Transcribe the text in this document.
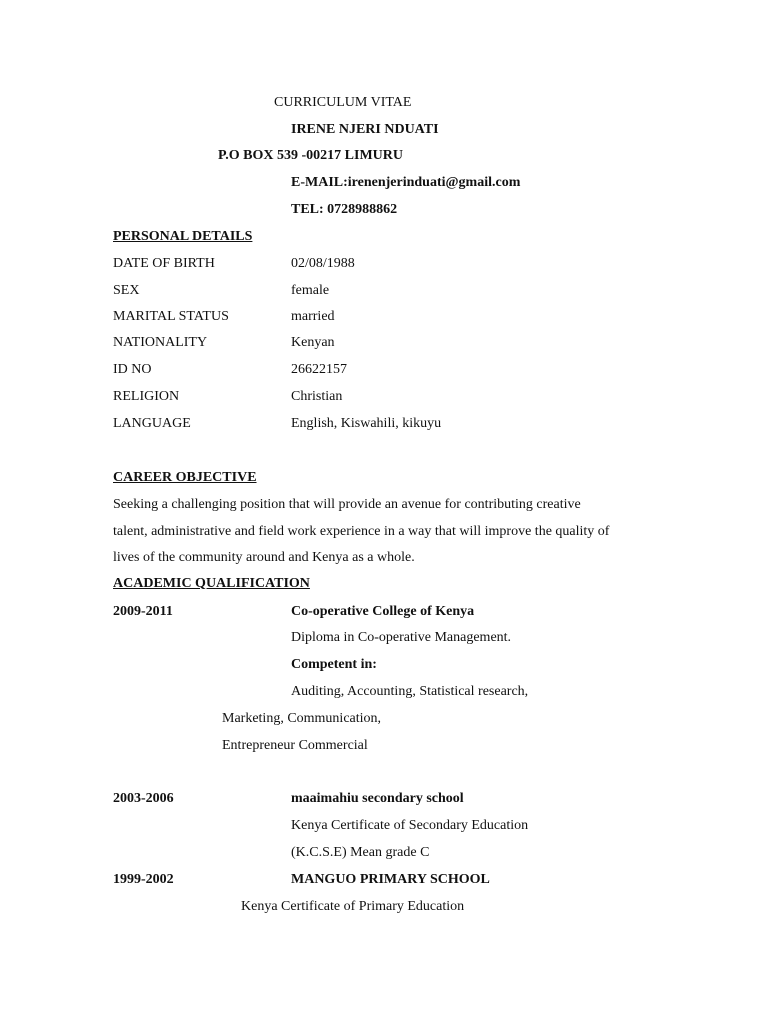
CURRICULUM VITAE
IRENE NJERI NDUATI
P.O BOX 539 -00217 LIMURU
E-MAIL:irenenjerinduati@gmail.com
TEL: 0728988862
PERSONAL DETAILS
DATE OF BIRTH	02/08/1988
SEX	female
MARITAL STATUS	married
NATIONALITY	Kenyan
ID NO	26622157
RELIGION	Christian
LANGUAGE	English, Kiswahili, kikuyu
CAREER OBJECTIVE
Seeking a challenging position that will provide an avenue for contributing creative
talent, administrative and field work experience in a way that will improve the quality of
lives of the community around and Kenya as a whole.
ACADEMIC QUALIFICATION
2009-2011	Co-operative College of Kenya
Diploma in Co-operative Management.
Competent in:
Auditing, Accounting, Statistical research,
Marketing, Communication,
Entrepreneur Commercial
2003-2006	maaimahiu secondary school
Kenya Certificate of Secondary Education
(K.C.S.E) Mean grade C
1999-2002	MANGUO PRIMARY SCHOOL
Kenya Certificate of Primary Education
